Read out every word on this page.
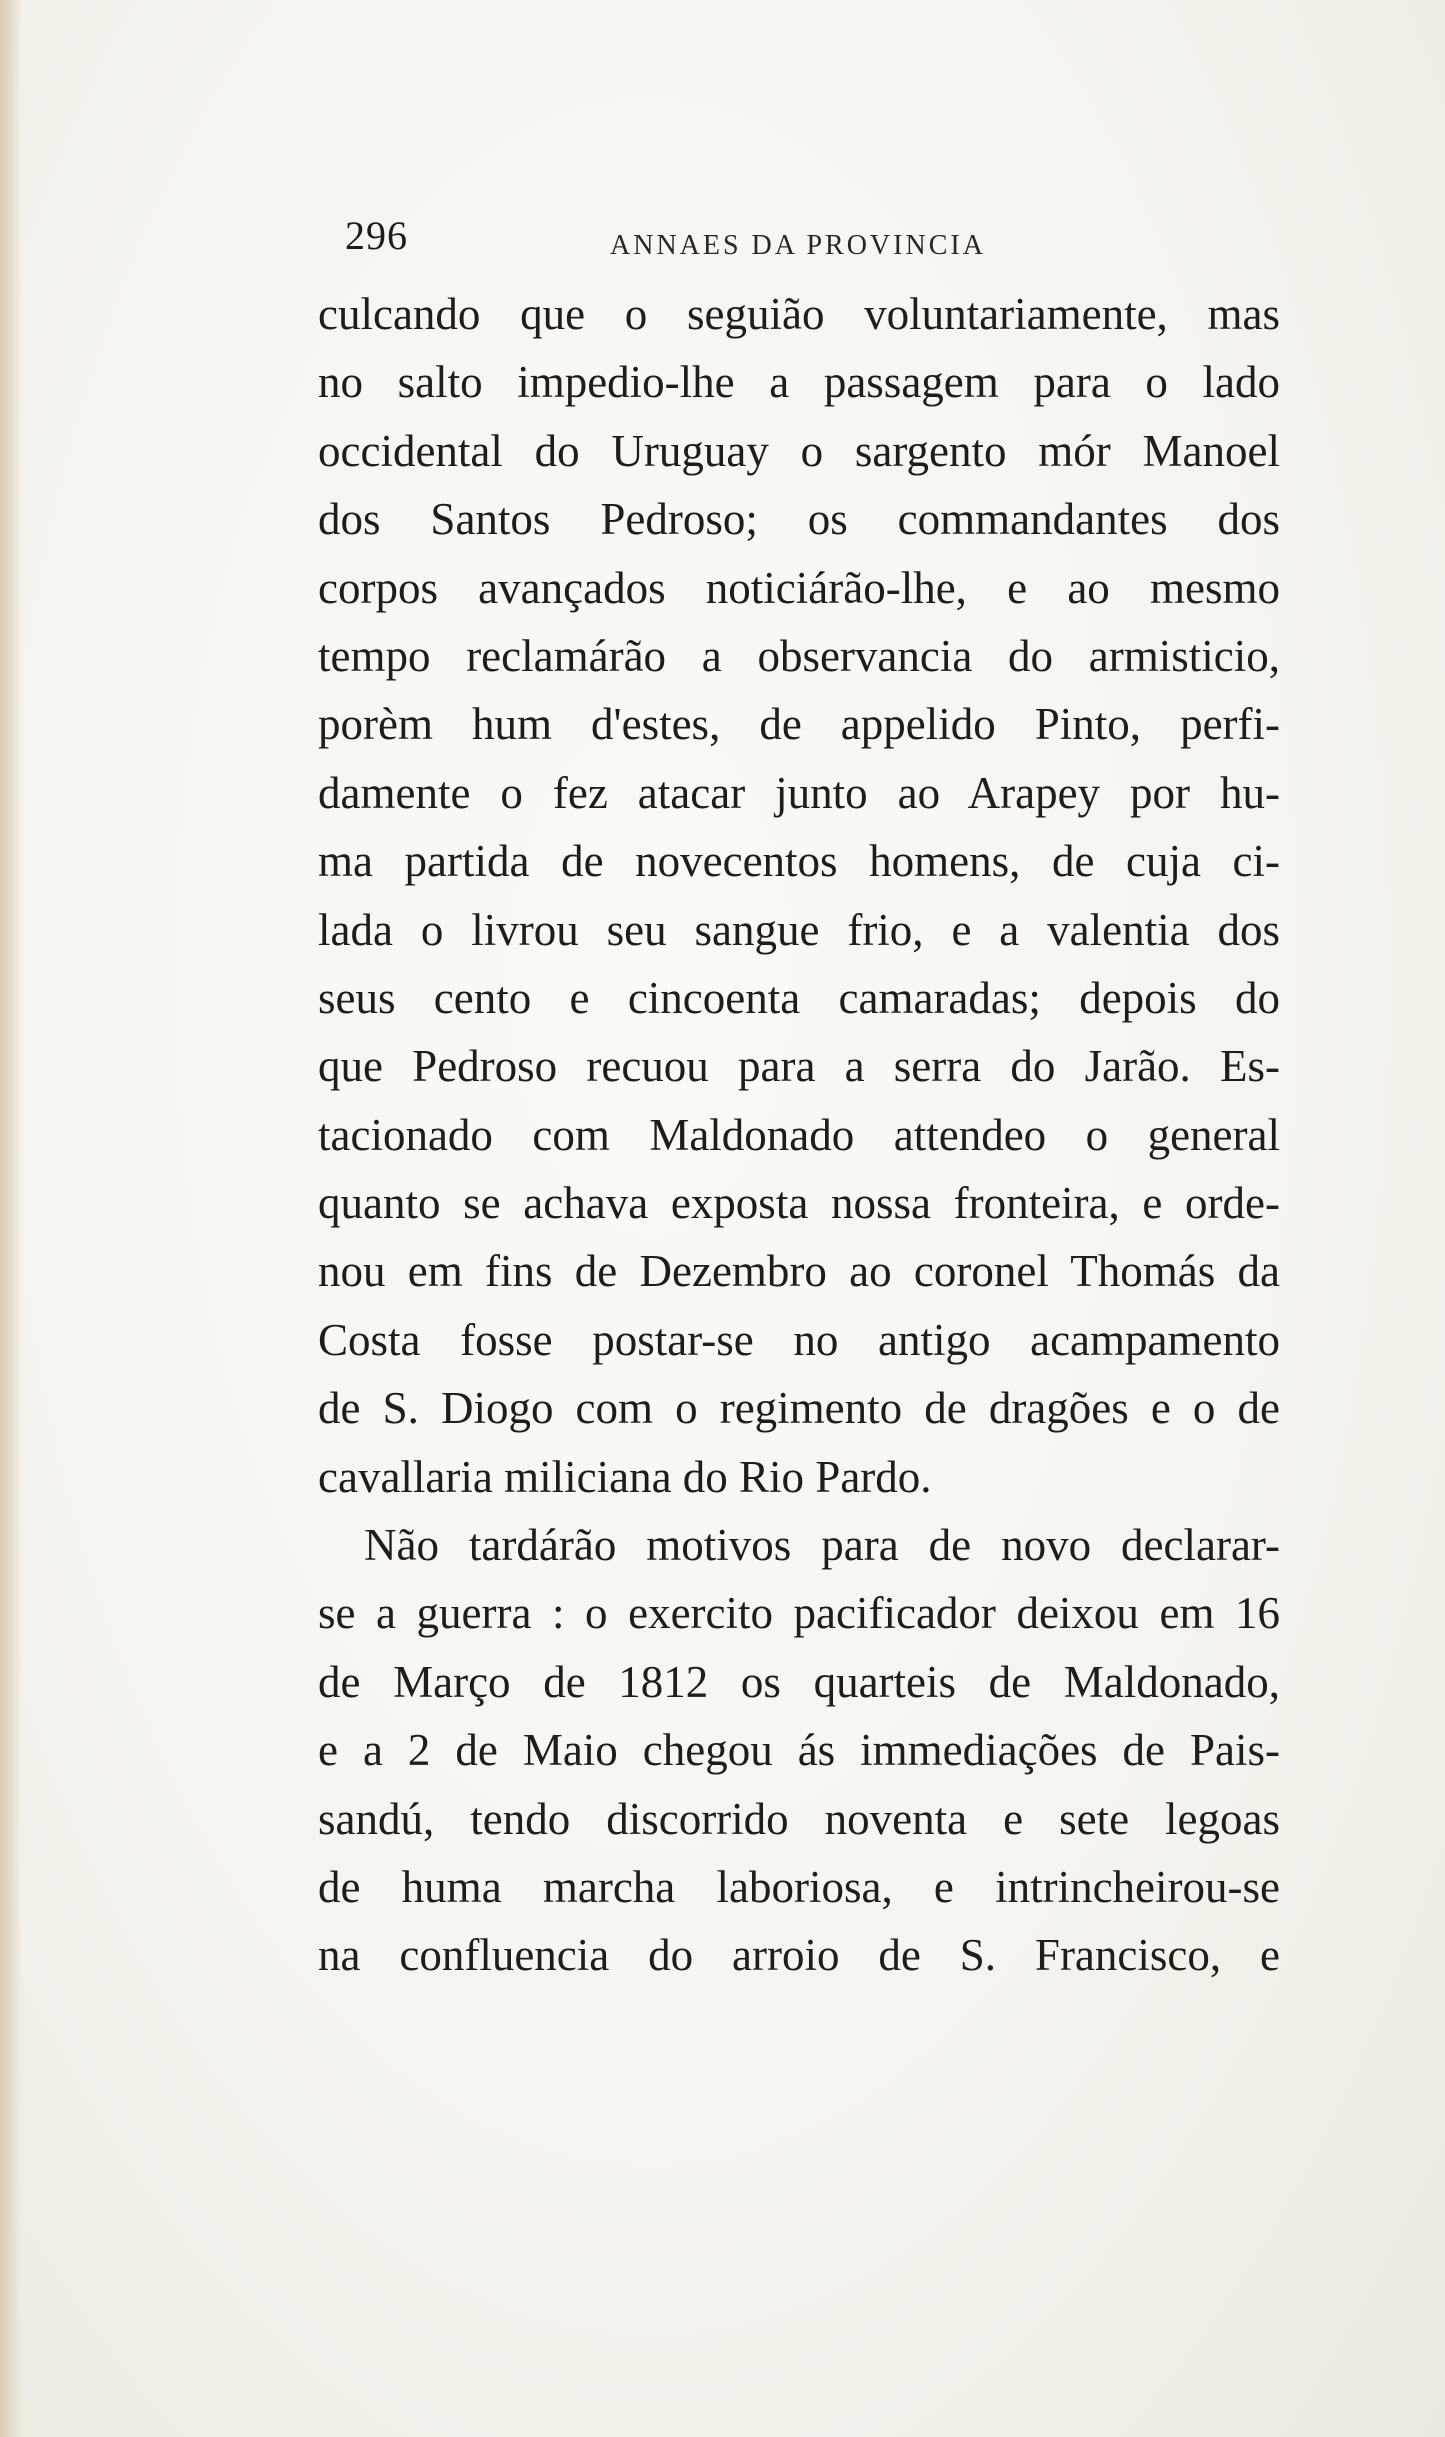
296	ANNAES DA PROVINCIA
culcando que o seguião voluntariamente, mas
no salto impedio-lhe a passagem para o lado
occidental do Uruguay o sargento mór Manoel
dos Santos Pedroso; os commandantes dos
corpos avançados noticiárão-lhe, e ao mesmo
tempo reclamárão a observancia do armisticio,
porèm hum d'estes, de appelido Pinto, perfi-
damente o fez atacar junto ao Arapey por hu-
ma partida de novecentos homens, de cuja ci-
lada o livrou seu sangue frio, e a valentia dos
seus cento e cincoenta camaradas; depois do
que Pedroso recuou para a serra do Jarão. Es-
tacionado com Maldonado attendeo o general
quanto se achava exposta nossa fronteira, e orde-
nou em fins de Dezembro ao coronel Thomás da
Costa fosse postar-se no antigo acampamento
de S. Diogo com o regimento de dragões e o de
cavallaria miliciana do Rio Pardo.
Não tardárão motivos para de novo declarar-
se a guerra : o exercito pacificador deixou em 16
de Março de 1812 os quarteis de Maldonado,
e a 2 de Maio chegou ás immediações de Pais-
sandú, tendo discorrido noventa e sete legoas
de huma marcha laboriosa, e intrincheirou-se
na confluencia do arroio de S. Francisco, e
